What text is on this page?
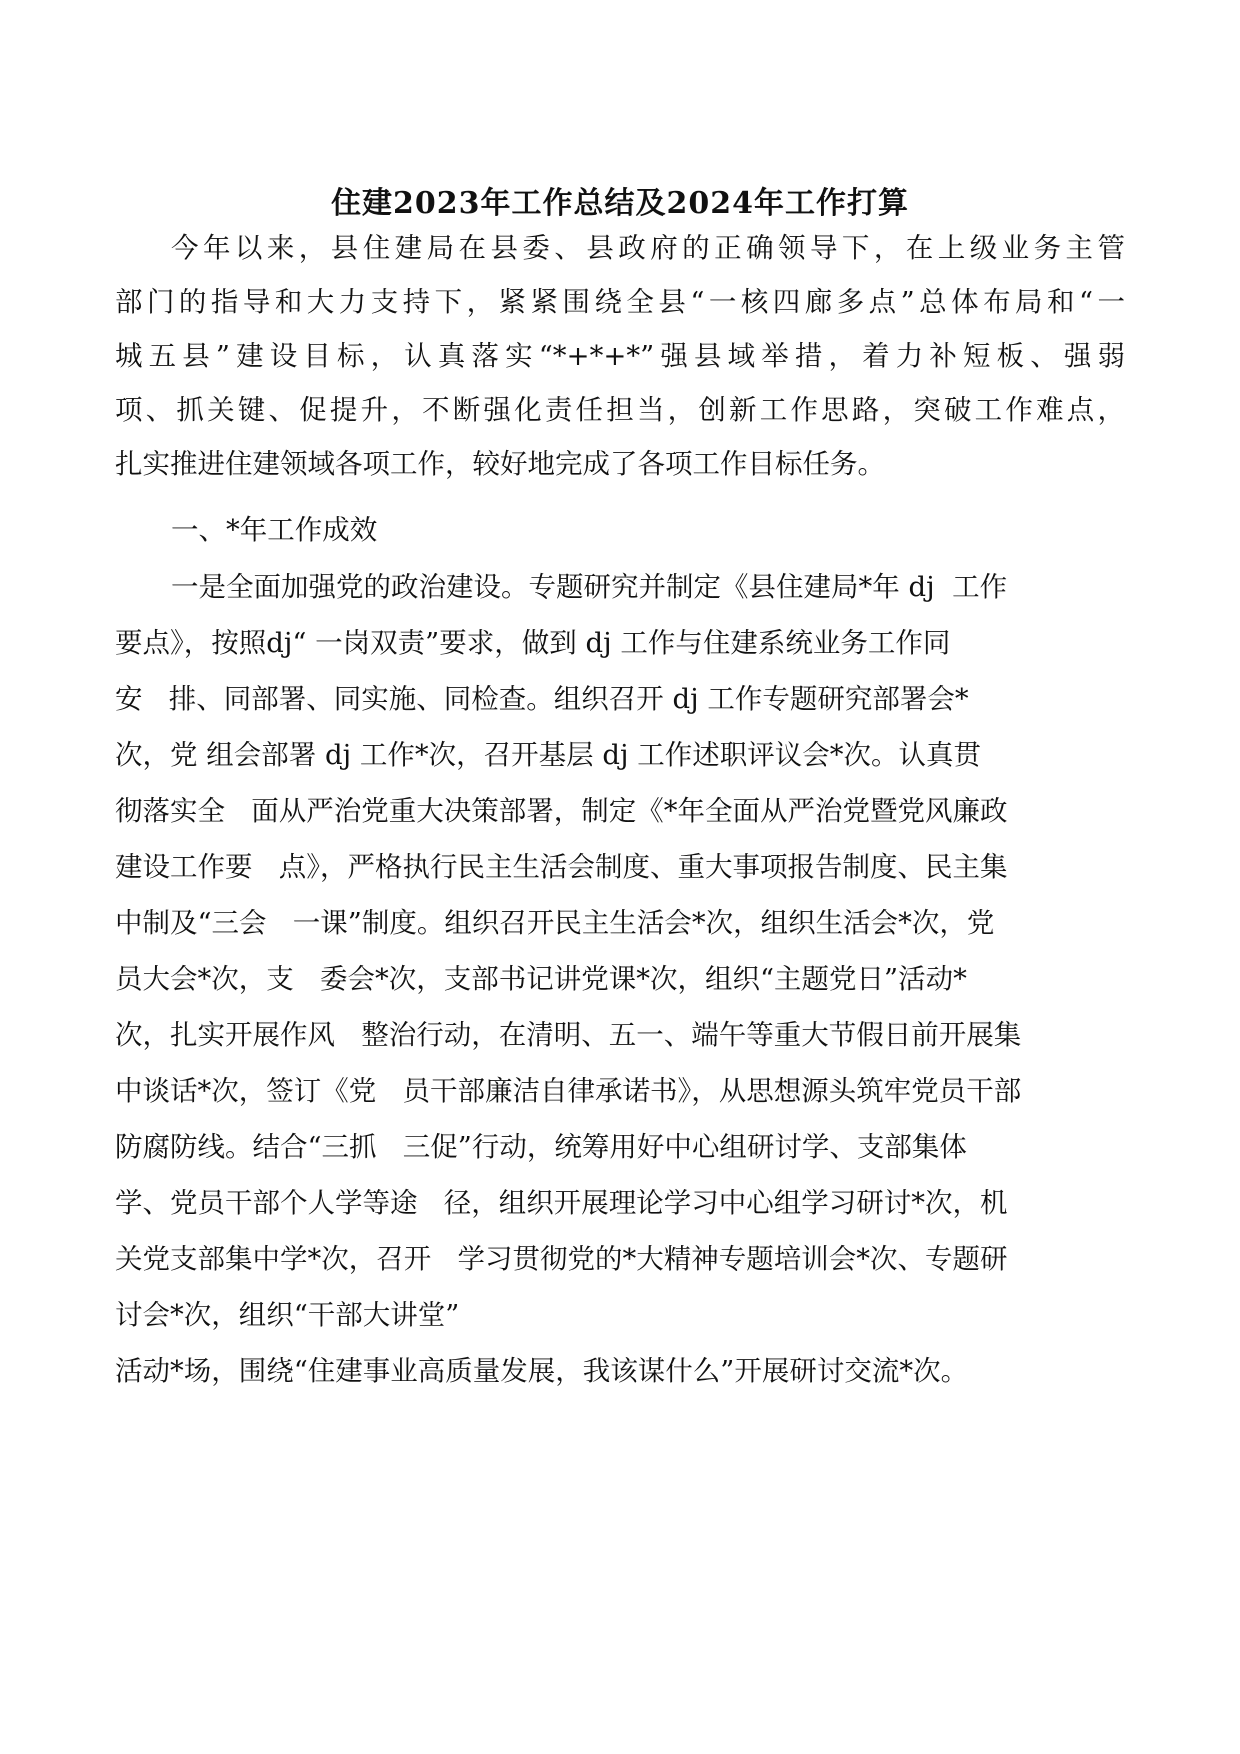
住建2023年工作总结及2024年工作打算
今年以来，县住建局在县委、县政府的正确领导下，在上级业务主管
部门的指导和大力支持下，紧紧围绕全县“一核四廊多点”总体布局和“一
城五县”建设目标，认真落实“*+*+*”强县域举措，着力补短板、强弱
项、抓关键、促提升，不断强化责任担当，创新工作思路，突破工作难点，
扎实推进住建领域各项工作，较好地完成了各项工作目标任务。
一、*年工作成效
一是全面加强党的政治建设。专题研究并制定《县住建局*年 dj  工作
要点》，按照dj“ 一岗双责”要求，做到 dj 工作与住建系统业务工作同
安   排、同部署、同实施、同检查。组织召开 dj 工作专题研究部署会*
次，党 组会部署 dj 工作*次，召开基层 dj 工作述职评议会*次。认真贯
彻落实全   面从严治党重大决策部署，制定《*年全面从严治党暨党风廉政
建设工作要   点》，严格执行民主生活会制度、重大事项报告制度、民主集
中制及“三会   一课”制度。组织召开民主生活会*次，组织生活会*次，党
员大会*次，支   委会*次，支部书记讲党课*次，组织“主题党日”活动*
次，扎实开展作风   整治行动，在清明、五一、端午等重大节假日前开展集
中谈话*次，签订《党   员干部廉洁自律承诺书》，从思想源头筑牢党员干部
防腐防线。结合“三抓   三促”行动，统筹用好中心组研讨学、支部集体
学、党员干部个人学等途   径，组织开展理论学习中心组学习研讨*次，机
关党支部集中学*次，召开   学习贯彻党的*大精神专题培训会*次、专题研
讨会*次，组织“干部大讲堂”
活动*场，围绕“住建事业高质量发展，我该谋什么”开展研讨交流*次。
